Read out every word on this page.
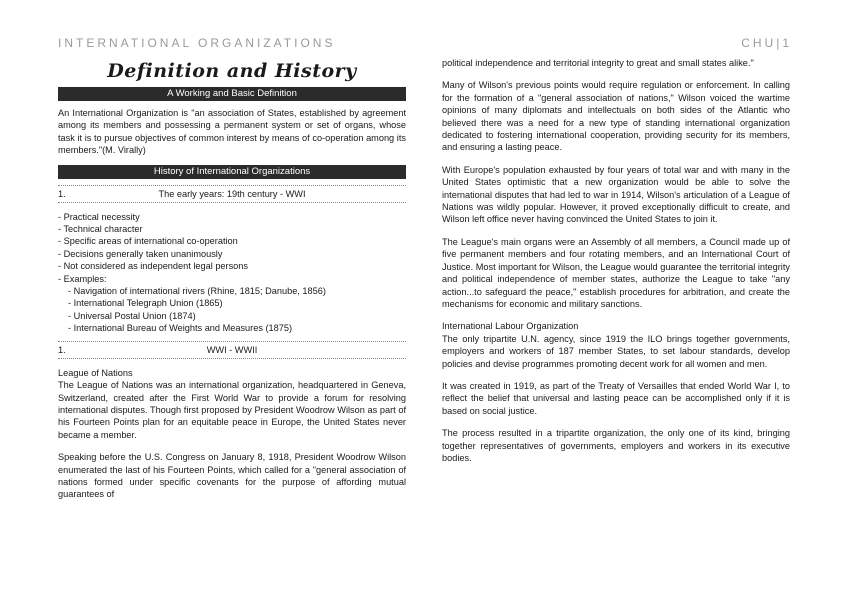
INTERNATIONAL ORGANIZATIONS	CHU|1
Definition and History
A Working and Basic Definition

An International Organization is "an association of States, established by agreement among its members and possessing a permanent system or set of organs, whose task it is to pursue objectives of common interest by means of co-operation among its members."(M. Virally)

History of International Organizations
1.	The early years: 19th century - WWI
- Practical necessity
- Technical character
- Specific areas of international co-operation
- Decisions generally taken unanimously
- Not considered as independent legal persons
- Examples:
- Navigation of international rivers (Rhine, 1815; Danube, 1856)
- International Telegraph Union (1865)
- Universal Postal Union (1874)
- International Bureau of Weights and Measures (1875)
1.	WWI - WWII
League of Nations

The League of Nations was an international organization, headquartered in Geneva, Switzerland, created after the First World War to provide a forum for resolving international disputes. Though first proposed by President Woodrow Wilson as part of his Fourteen Points plan for an equitable peace in Europe, the United States never became a member.

Speaking before the U.S. Congress on January 8, 1918, President Woodrow Wilson enumerated the last of his Fourteen Points, which called for a "general association of nations formed under specific covenants for the purpose of affording mutual guarantees of

political independence and territorial integrity to great and small states alike."

Many of Wilson's previous points would require regulation or enforcement. In calling for the formation of a "general association of nations," Wilson voiced the wartime opinions of many diplomats and intellectuals on both sides of the Atlantic who believed there was a need for a new type of standing international organization dedicated to fostering international cooperation, providing security for its members, and ensuring a lasting peace.

With Europe's population exhausted by four years of total war and with many in the United States optimistic that a new organization would be able to solve the international disputes that had led to war in 1914, Wilson's articulation of a League of Nations was wildly popular. However, it proved exceptionally difficult to create, and Wilson left office never having convinced the United States to join it.

The League's main organs were an Assembly of all members, a Council made up of five permanent members and four rotating members, and an International Court of Justice. Most important for Wilson, the League would guarantee the territorial integrity and political independence of member states, authorize the League to take "any action...to safeguard the peace," establish procedures for arbitration, and create the mechanisms for economic and military sanctions.

International Labour Organization

The only tripartite U.N. agency, since 1919 the ILO brings together governments, employers and workers of 187 member States, to set labour standards, develop policies and devise programmes promoting decent work for all women and men.

It was created in 1919, as part of the Treaty of Versailles that ended World War I, to reflect the belief that universal and lasting peace can be accomplished only if it is based on social justice.

The process resulted in a tripartite organization, the only one of its kind, bringing together representatives of governments, employers and workers in its executive bodies.
